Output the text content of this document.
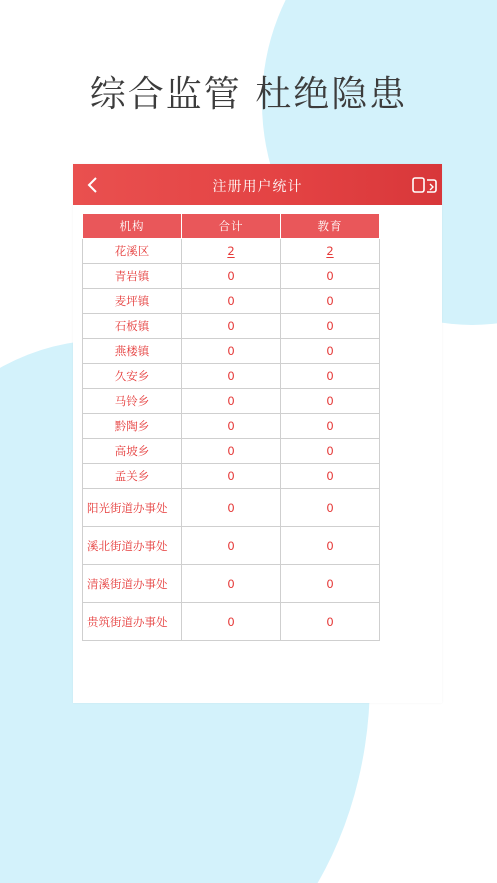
综合监管 杜绝隐患
注册用户统计
机构	合计	教育
花溪区	2	2
青岩镇	0	0
麦坪镇	0	0
石板镇	0	0
燕楼镇	0	0
久安乡	0	0
马铃乡	0	0
黔陶乡	0	0
高坡乡	0	0
孟关乡	0	0
阳光街道办事处	0	0
溪北街道办事处	0	0
清溪街道办事处	0	0
贵筑街道办事处	0	0
